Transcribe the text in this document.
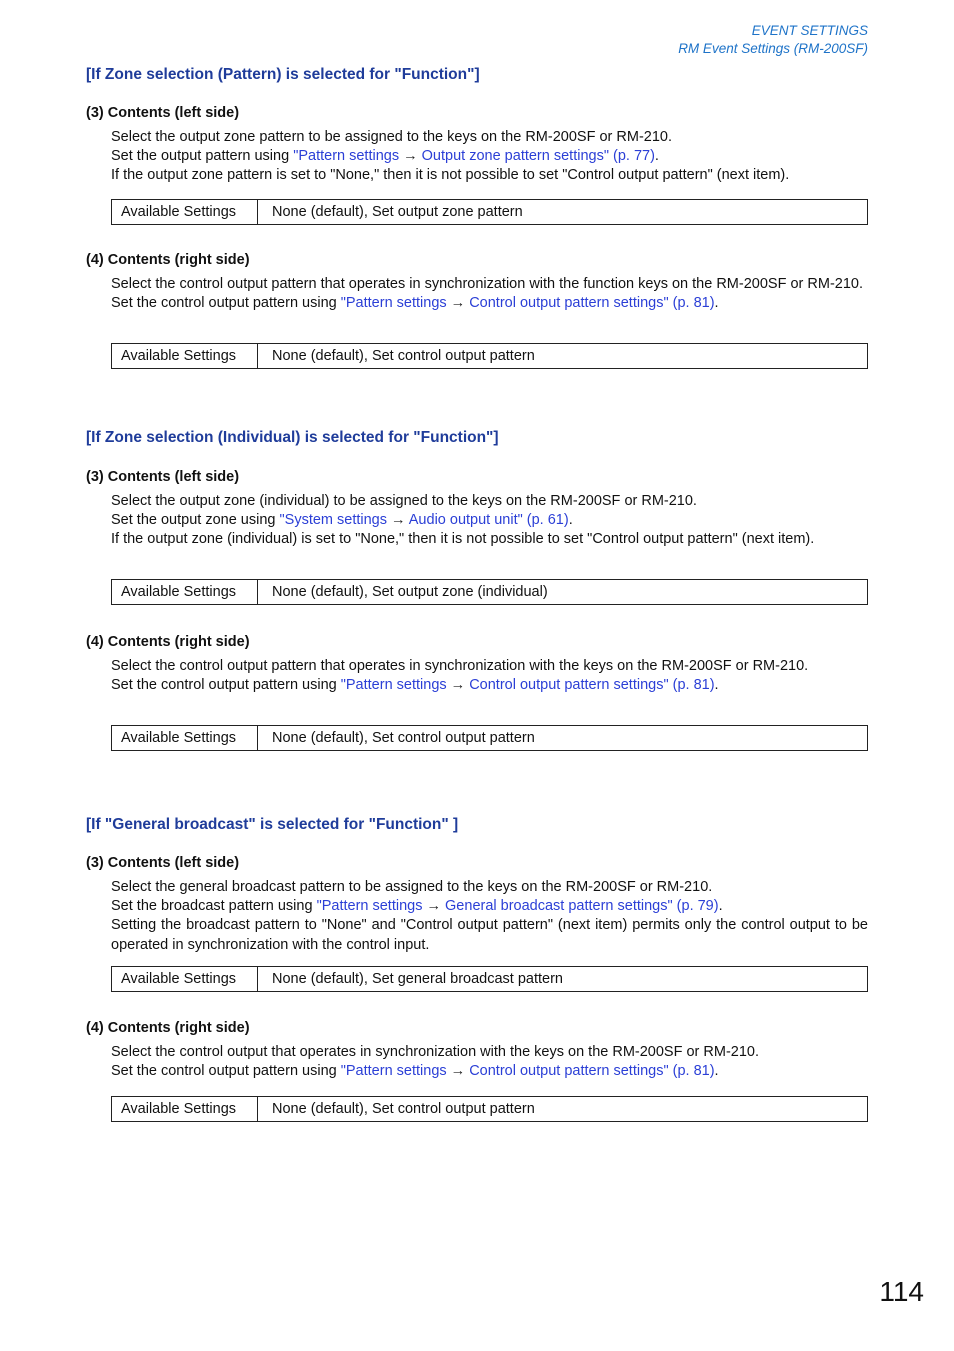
EVENT SETTINGS
RM Event Settings (RM-200SF)
[If Zone selection (Pattern) is selected for "Function"]
(3) Contents (left side)

Select the output zone pattern to be assigned to the keys on the RM-200SF or RM-210.

Set the output pattern using "Pattern settings → Output zone pattern settings" (p. 77).

If the output zone pattern is set to "None," then it is not possible to set "Control output pattern" (next item).

Available Settings	None (default), Set output zone pattern
(4) Contents (right side)

Select the control output pattern that operates in synchronization with the function keys on the RM-200SF or RM-210.

Set the control output pattern using "Pattern settings → Control output pattern settings" (p. 81).

Available Settings	None (default), Set control output pattern
[If Zone selection (Individual) is selected for "Function"]
(3) Contents (left side)

Select the output zone (individual) to be assigned to the keys on the RM-200SF or RM-210.

Set the output zone using "System settings → Audio output unit" (p. 61).

If the output zone (individual) is set to "None," then it is not possible to set "Control output pattern" (next item).

Available Settings	None (default), Set output zone (individual)
(4) Contents (right side)

Select the control output pattern that operates in synchronization with the keys on the RM-200SF or RM-210.

Set the control output pattern using "Pattern settings → Control output pattern settings" (p. 81).

Available Settings	None (default), Set control output pattern
[If "General broadcast" is selected for "Function" ]
(3) Contents (left side)

Select the general broadcast pattern to be assigned to the keys on the RM-200SF or RM-210.

Set the broadcast pattern using "Pattern settings → General broadcast pattern settings" (p. 79).

Setting the broadcast pattern to "None" and "Control output pattern" (next item) permits only the control output to be operated in synchronization with the control input.

Available Settings	None (default), Set general broadcast pattern
(4) Contents (right side)

Select the control output that operates in synchronization with the keys on the RM-200SF or RM-210.

Set the control output pattern using "Pattern settings → Control output pattern settings" (p. 81).

Available Settings	None (default), Set control output pattern
114
